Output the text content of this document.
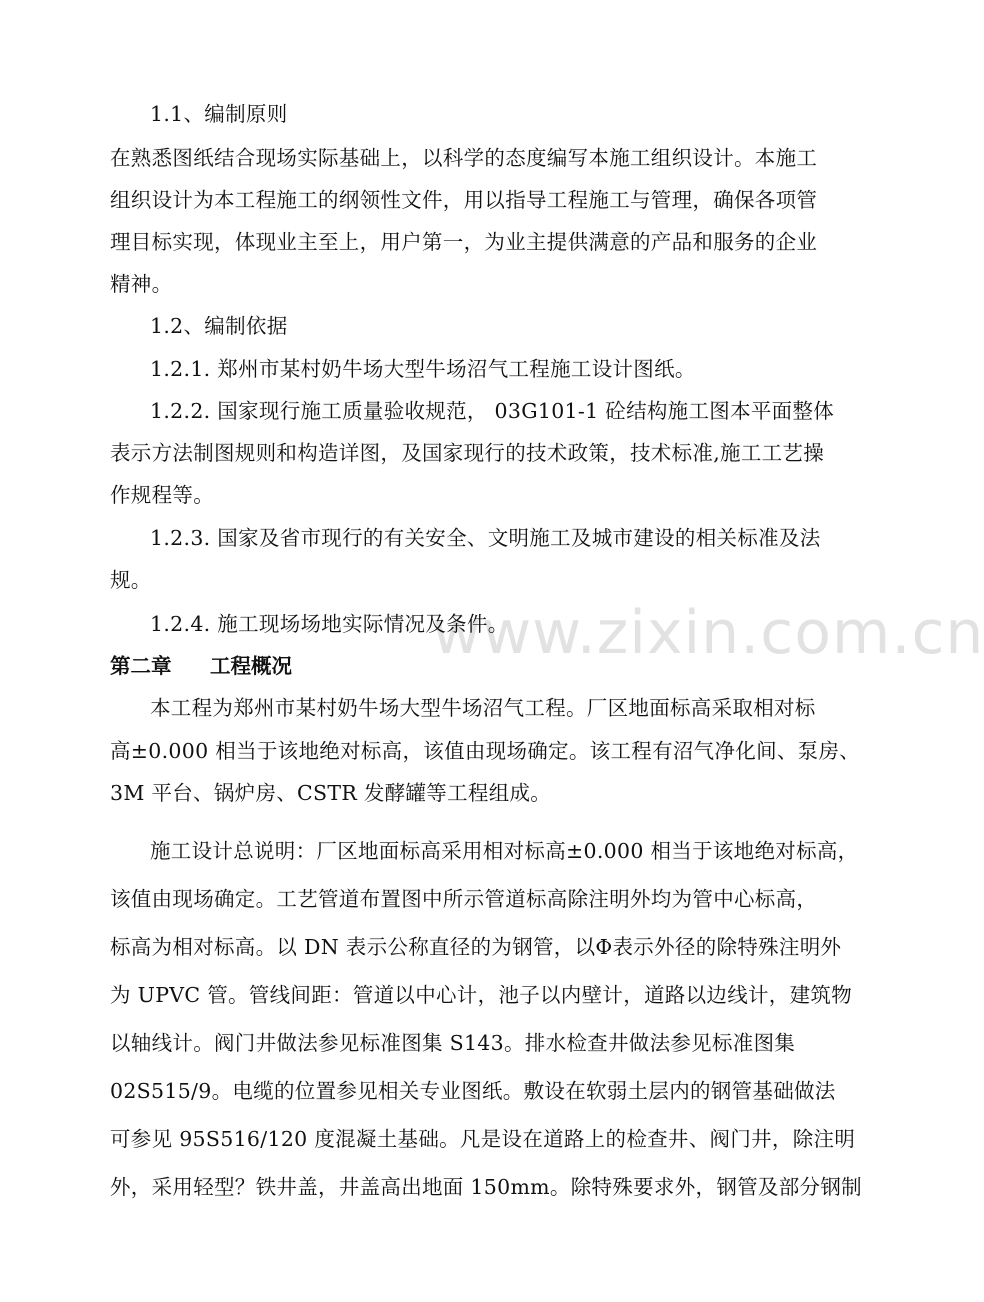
www.zixin.com.cn
1.1、编制原则
在熟悉图纸结合现场实际基础上，以科学的态度编写本施工组织设计。本施工
组织设计为本工程施工的纲领性文件，用以指导工程施工与管理，确保各项管
理目标实现，体现业主至上，用户第一，为业主提供满意的产品和服务的企业
精神。
1.2、编制依据
1.2.1. 郑州市某村奶牛场大型牛场沼气工程施工设计图纸。
1.2.2. 国家现行施工质量验收规范， 03G101-1 砼结构施工图本平面整体
表示方法制图规则和构造详图，及国家现行的技术政策，技术标准,施工工艺操
作规程等。
1.2.3. 国家及省市现行的有关安全、文明施工及城市建设的相关标准及法
规。
1.2.4. 施工现场场地实际情况及条件。
第二章 工程概况
本工程为郑州市某村奶牛场大型牛场沼气工程。厂区地面标高采取相对标
高±0.000 相当于该地绝对标高，该值由现场确定。该工程有沼气净化间、泵房、
3M 平台、锅炉房、CSTR 发酵罐等工程组成。
施工设计总说明：厂区地面标高采用相对标高±0.000 相当于该地绝对标高，
该值由现场确定。工艺管道布置图中所示管道标高除注明外均为管中心标高，
标高为相对标高。以 DN 表示公称直径的为钢管，以Φ表示外径的除特殊注明外
为 UPVC 管。管线间距：管道以中心计，池子以内壁计，道路以边线计，建筑物
以轴线计。阀门井做法参见标准图集 S143。排水检查井做法参见标准图集
02S515/9。电缆的位置参见相关专业图纸。敷设在软弱土层内的钢管基础做法
可参见 95S516/120 度混凝土基础。凡是设在道路上的检查井、阀门井，除注明
外，采用轻型？铁井盖，井盖高出地面 150mm。除特殊要求外，钢管及部分钢制
